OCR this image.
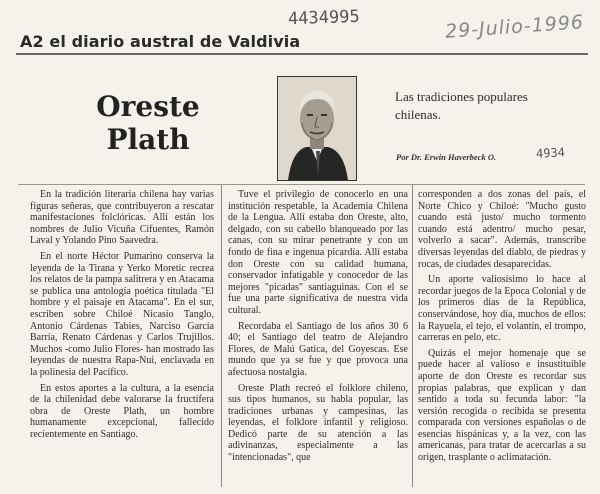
A2 el diario austral de Valdivia
4434995	29-Julio-1996
Oreste
Plath
Las tradiciones populares chilenas.
Por Dr. Erwin Haverbeck O.	4934

En la tradición literaria chilena hay varias figuras señeras, que contribuyeron a rescatar manifestaciones folclóricas. Allí están los nombres de Julio Vicuña Cifuentes, Ramón Laval y Yolando Pino Saavedra.

En el norte Héctor Pumarino conserva la leyenda de la Tirana y Yerko Moretic recrea los relatos de la pampa salitrera y en Atacama se publica una antología poética titulada "El hombre y el paisaje en Atacama". En el sur, escriben sobre Chiloé Nicasio Tanglo, Antonio Cárdenas Tabies, Narciso García Barría, Renato Cárdenas y Carlos Trujillos. Muchos -como Julio Flores- han mostrado las leyendas de nuestra Rapa-Nui, enclavada en la polinesia del Pacífico.

En estos aportes a la cultura, a la esencia de la chilenidad debe valorarse la fructífera obra de Oreste Plath, un hombre humanamente excepcional, fallecido recientemente en Santiago.

Tuve el privilegio de conocerlo en una institución respetable, la Academia Chilena de la Lengua. Allí estaba don Oreste, alto, delgado, con su cabello blanqueado por las canas, con su mirar penetrante y con un fondo de fina e ingenua picardía. Allí estaba don Oreste con su calidad humana, conservador infatigable y conocedor de las mejores "picadas" santiaguinas. Con el se fue una parte significativa de nuestra vida cultural.

Recordaba el Santiago de los años 30 6 40; el Santiago del teatro de Alejandro Flores, de Malú Gatica, del Goyescas. Ese mundo que ya se fue y que provoca una afectuosa nostalgia.

Oreste Plath recreó el folklore chileno, sus tipos humanos, su habla popular, las tradiciones urbanas y campesinas, las leyendas, el folklore infantil y religioso. Dedicó parte de su atención a las adivinanzas, especialmente a las "intencionadas", que

corresponden a dos zonas del país, el Norte Chico y Chiloé: "Mucho gusto cuando está justo/ mucho tormento cuando está adentro/ mucho pesar, volverlo a sacar". Además, transcribe diversas leyendas del diablo, de piedras y rocas, de ciudades desaparecidas.

Un aporte valiosísimo lo hace al recordar juegos de la Epoca Colonial y de los primeros días de la República, conservándose, hoy día, muchos de ellos: la Rayuela, el tejo, el volantín, el trompo, carreras en pelo, etc.

Quizás el mejor homenaje que se puede hacer al valioso e insustituible aporte de don Oreste es recordar sus propias palabras, que explican y dan sentido a toda su fecunda labor: "la versión recogida o recibida se presenta comparada con versiones españolas o de esencias hispánicas y, a la vez, con las americanas, para tratar de acercarlas a su origen, trasplante o aclimatación.
